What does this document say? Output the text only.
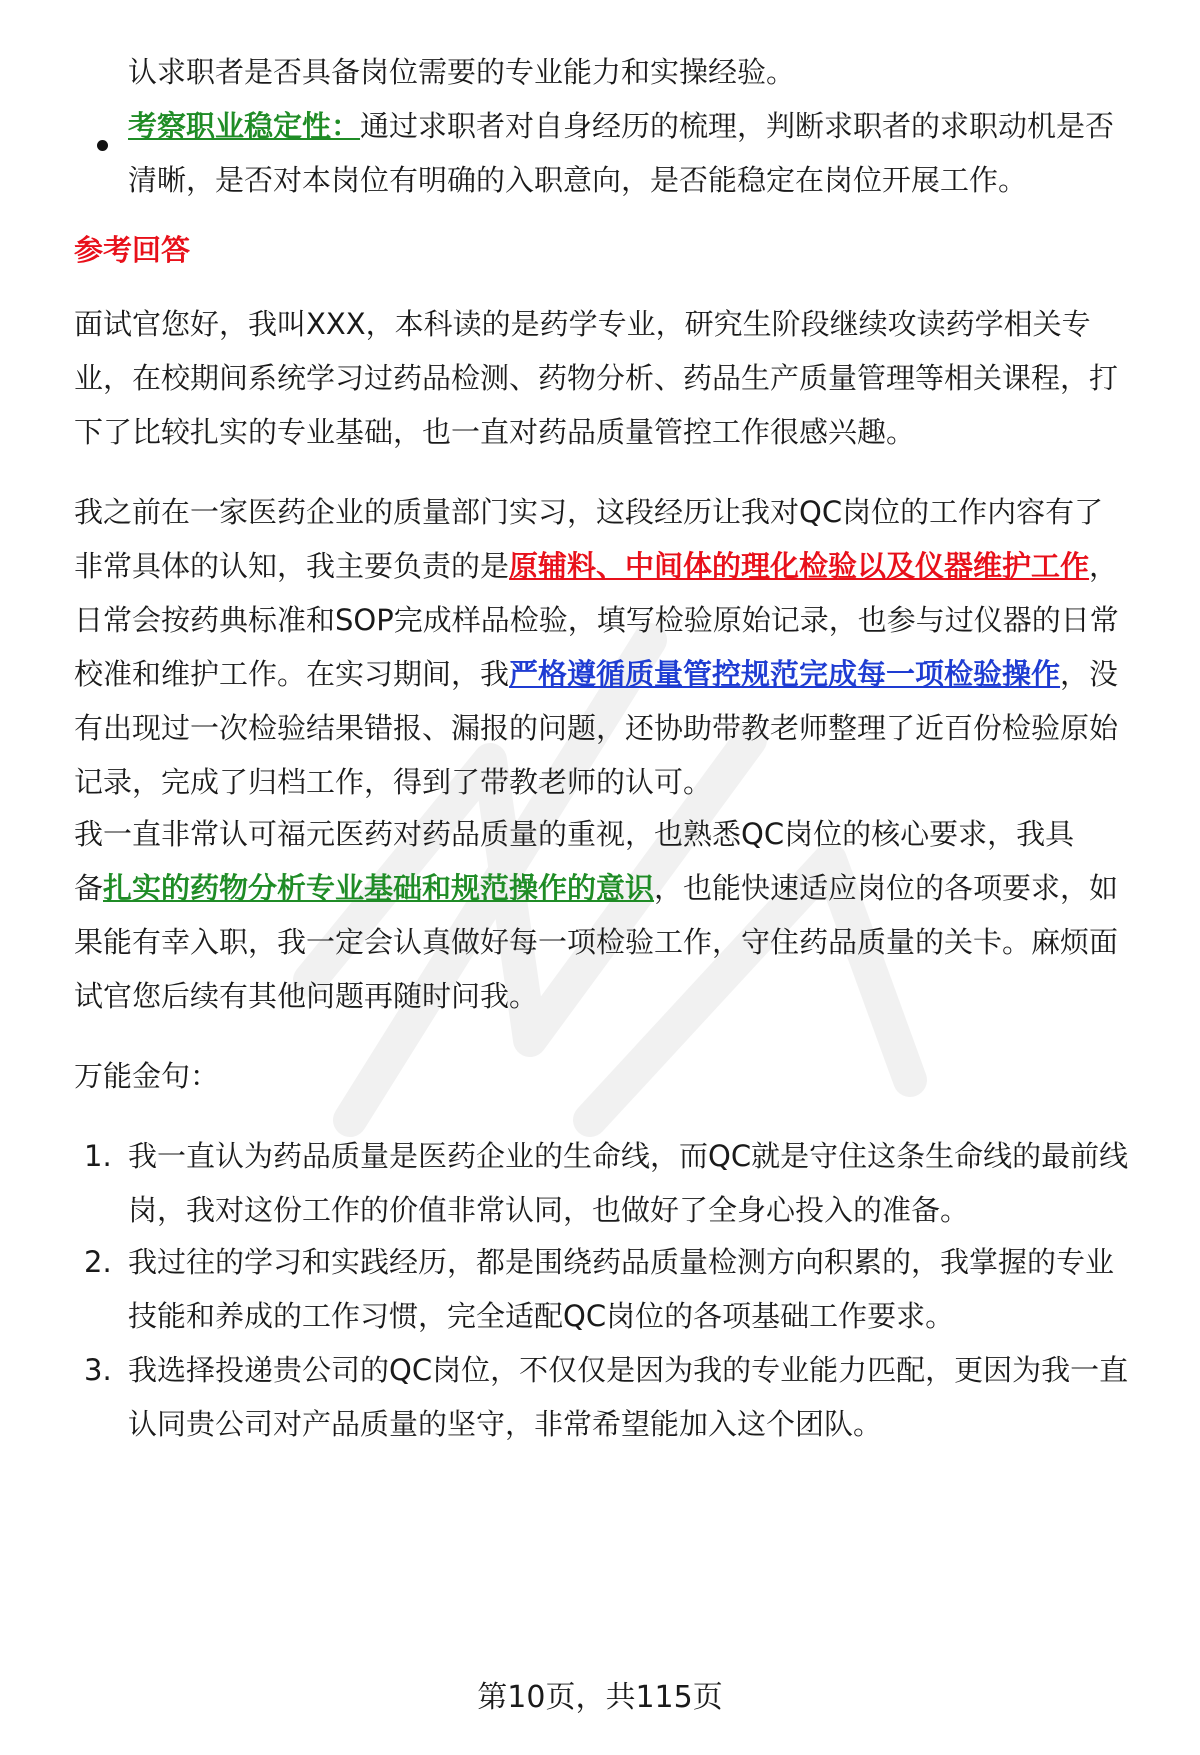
认求职者是否具备岗位需要的专业能力和实操经验。
考察职业稳定性：通过求职者对自身经历的梳理，判断求职者的求职动机是否
清晰，是否对本岗位有明确的入职意向，是否能稳定在岗位开展工作。
参考回答
面试官您好，我叫XXX，本科读的是药学专业，研究生阶段继续攻读药学相关专
业，在校期间系统学习过药品检测、药物分析、药品生产质量管理等相关课程，打
下了比较扎实的专业基础，也一直对药品质量管控工作很感兴趣。
我之前在一家医药企业的质量部门实习，这段经历让我对QC岗位的工作内容有了
非常具体的认知，我主要负责的是原辅料、中间体的理化检验以及仪器维护工作，
日常会按药典标准和SOP完成样品检验，填写检验原始记录，也参与过仪器的日常
校准和维护工作。在实习期间，我严格遵循质量管控规范完成每一项检验操作，没
有出现过一次检验结果错报、漏报的问题，还协助带教老师整理了近百份检验原始
记录，完成了归档工作，得到了带教老师的认可。
我一直非常认可福元医药对药品质量的重视，也熟悉QC岗位的核心要求，我具
备扎实的药物分析专业基础和规范操作的意识，也能快速适应岗位的各项要求，如
果能有幸入职，我一定会认真做好每一项检验工作，守住药品质量的关卡。麻烦面
试官您后续有其他问题再随时问我。
万能金句：
1. 我一直认为药品质量是医药企业的生命线，而QC就是守住这条生命线的最前线
岗，我对这份工作的价值非常认同，也做好了全身心投入的准备。
2. 我过往的学习和实践经历，都是围绕药品质量检测方向积累的，我掌握的专业
技能和养成的工作习惯，完全适配QC岗位的各项基础工作要求。
3. 我选择投递贵公司的QC岗位，不仅仅是因为我的专业能力匹配，更因为我一直
认同贵公司对产品质量的坚守，非常希望能加入这个团队。
第10页，共115页
